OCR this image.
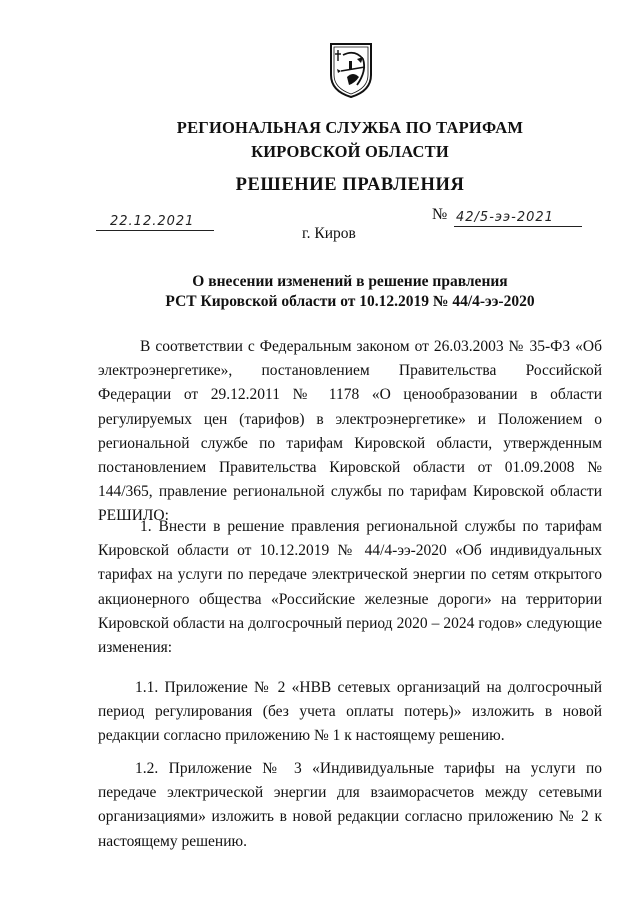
РЕГИОНАЛЬНАЯ СЛУЖБА ПО ТАРИФАМ
КИРОВСКОЙ ОБЛАСТИ
РЕШЕНИЕ ПРАВЛЕНИЯ
22.12.2021	№ 42/5-ээ-2021
г. Киров
О внесении изменений в решение правления
РСТ Кировской области от 10.12.2019 № 44/4-ээ-2020

В соответствии с Федеральным законом от 26.03.2003 № 35-ФЗ «Об электроэнергетике», постановлением Правительства Российской Федерации от 29.12.2011 № 1178 «О ценообразовании в области регулируемых цен (тарифов) в электроэнергетике» и Положением о региональной службе по тарифам Кировской области, утвержденным постановлением Правительства Кировской области от 01.09.2008 № 144/365, правление региональной службы по тарифам Кировской области РЕШИЛО:

1. Внести в решение правления региональной службы по тарифам Кировской области от 10.12.2019 № 44/4-ээ-2020 «Об индивидуальных тарифах на услуги по передаче электрической энергии по сетям открытого акционерного общества «Российские железные дороги» на территории Кировской области на долгосрочный период 2020 – 2024 годов» следующие изменения:

1.1. Приложение № 2 «НВВ сетевых организаций на долгосрочный период регулирования (без учета оплаты потерь)» изложить в новой редакции согласно приложению № 1 к настоящему решению.

1.2. Приложение № 3 «Индивидуальные тарифы на услуги по передаче электрической энергии для взаиморасчетов между сетевыми организациями» изложить в новой редакции согласно приложению № 2 к настоящему решению.
